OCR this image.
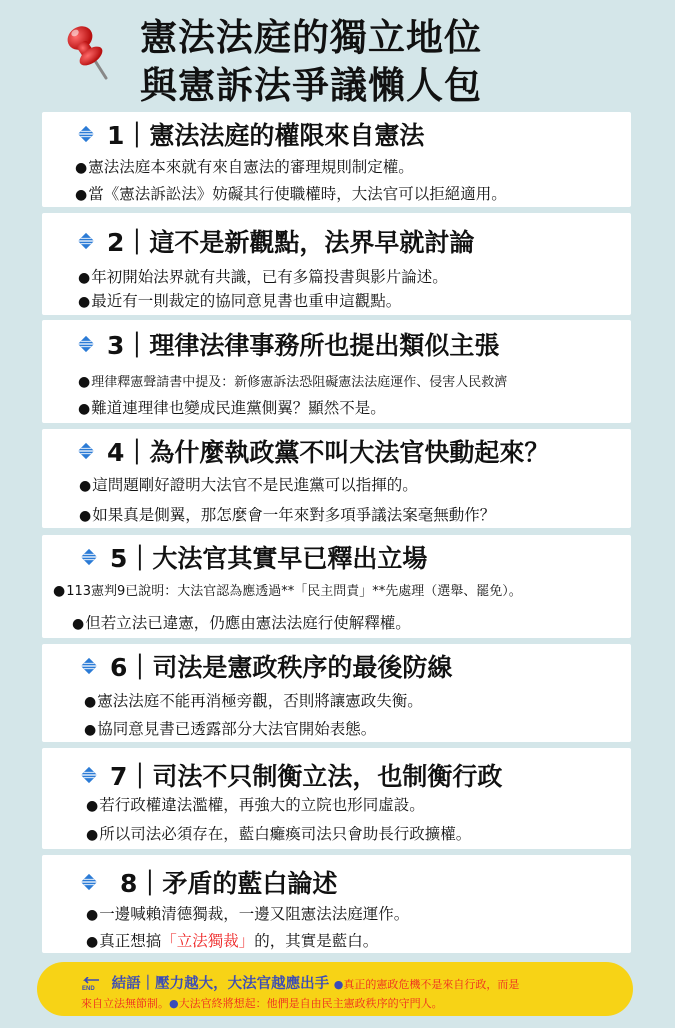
憲法法庭的獨立地位
與憲訴法爭議懶人包
1｜憲法法庭的權限來自憲法
●憲法法庭本來就有來自憲法的審理規則制定權。
●當《憲法訴訟法》妨礙其行使職權時，大法官可以拒絕適用。
2｜這不是新觀點，法界早就討論
●年初開始法界就有共識，已有多篇投書與影片論述。
●最近有一則裁定的協同意見書也重申這觀點。
3｜理律法律事務所也提出類似主張
●理律釋憲聲請書中提及：新修憲訴法恐阻礙憲法法庭運作、侵害人民救濟
●難道連理律也變成民進黨側翼？顯然不是。
4｜為什麼執政黨不叫大法官快動起來？
●這問題剛好證明大法官不是民進黨可以指揮的。
●如果真是側翼，那怎麼會一年來對多項爭議法案毫無動作？
5｜大法官其實早已釋出立場
●113憲判9已說明：大法官認為應透過**「民主問責」**先處理（選舉、罷免）。
●但若立法已違憲，仍應由憲法法庭行使解釋權。
6｜司法是憲政秩序的最後防線
●憲法法庭不能再消極旁觀，否則將讓憲政失衡。
●協同意見書已透露部分大法官開始表態。
7｜司法不只制衡立法，也制衡行政
●若行政權違法濫權，再強大的立院也形同虛設。
●所以司法必須存在，藍白癱瘓司法只會助長行政擴權。
8｜矛盾的藍白論述
●一邊喊賴清德獨裁，一邊又阻憲法法庭運作。
●真正想搞「立法獨裁」的，其實是藍白。
END 結語｜壓力越大，大法官越應出手 ●真正的憲政危機不是來自行政，而是
來自立法無節制。●大法官終將想起：他們是自由民主憲政秩序的守門人。
